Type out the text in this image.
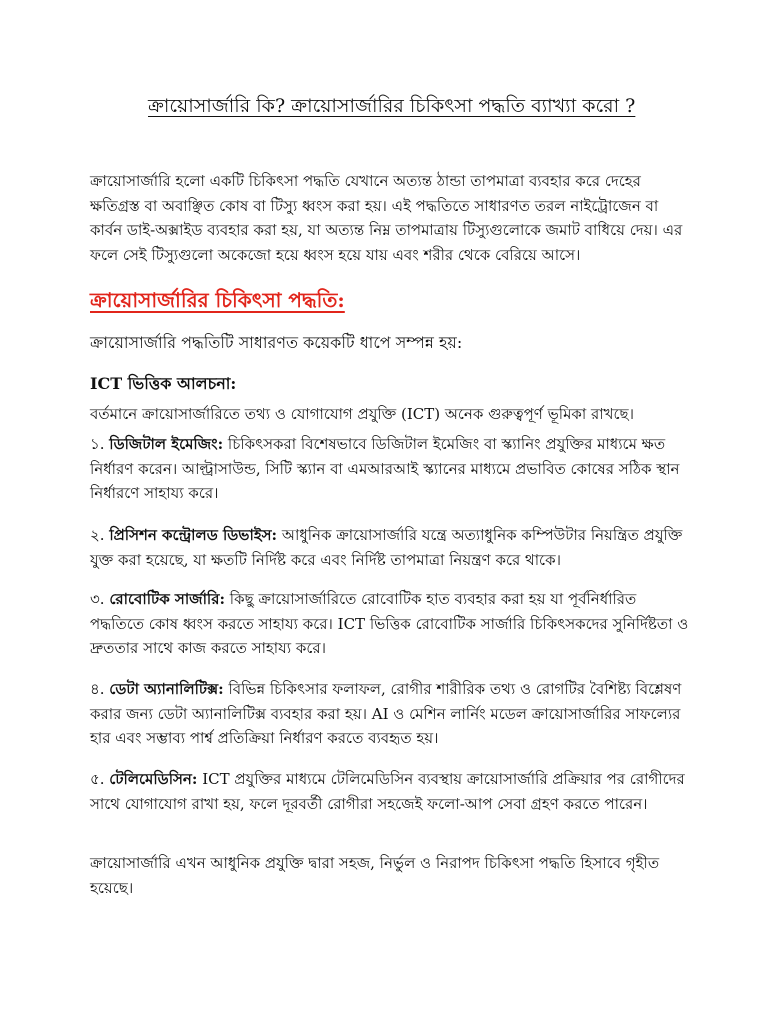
ক্রায়োসার্জারি কি? ক্রায়োসার্জারির চিকিৎসা পদ্ধতি ব্যাখ্যা করো ?

ক্রায়োসার্জারি হলো একটি চিকিৎসা পদ্ধতি যেখানে অত্যন্ত ঠান্ডা তাপমাত্রা ব্যবহার করে দেহের ক্ষতিগ্রস্ত বা অবাঞ্ছিত কোষ বা টিস্যু ধ্বংস করা হয়। এই পদ্ধতিতে সাধারণত তরল নাইট্রোজেন বা কার্বন ডাই-অক্সাইড ব্যবহার করা হয়, যা অত্যন্ত নিম্ন তাপমাত্রায় টিস্যুগুলোকে জমাট বাধিয়ে দেয়। এর ফলে সেই টিস্যুগুলো অকেজো হয়ে ধ্বংস হয়ে যায় এবং শরীর থেকে বেরিয়ে আসে।

ক্রায়োসার্জারির চিকিৎসা পদ্ধতি:
ক্রায়োসার্জারি পদ্ধতিটি সাধারণত কয়েকটি ধাপে সম্পন্ন হয়:
ICT ভিত্তিক আলচনা:
বর্তমানে ক্রায়োসার্জারিতে তথ্য ও যোগাযোগ প্রযুক্তি (ICT) অনেক গুরুত্বপূর্ণ ভূমিকা রাখছে।
১. ডিজিটাল ইমেজিং: চিকিৎসকরা বিশেষভাবে ডিজিটাল ইমেজিং বা স্ক্যানিং প্রযুক্তির মাধ্যমে ক্ষত নির্ধারণ করেন। আল্ট্রাসাউন্ড, সিটি স্ক্যান বা এমআরআই স্ক্যানের মাধ্যমে প্রভাবিত কোষের সঠিক স্থান নির্ধারণে সাহায্য করে।
২. প্রিসিশন কন্ট্রোলড ডিভাইস: আধুনিক ক্রায়োসার্জারি যন্ত্রে অত্যাধুনিক কম্পিউটার নিয়ন্ত্রিত প্রযুক্তি যুক্ত করা হয়েছে, যা ক্ষতটি নির্দিষ্ট করে এবং নির্দিষ্ট তাপমাত্রা নিয়ন্ত্রণ করে থাকে।
৩. রোবোটিক সার্জারি: কিছু ক্রায়োসার্জারিতে রোবোটিক হাত ব্যবহার করা হয় যা পূর্বনির্ধারিত পদ্ধতিতে কোষ ধ্বংস করতে সাহায্য করে। ICT ভিত্তিক রোবোটিক সার্জারি চিকিৎসকদের সুনির্দিষ্টতা ও দ্রুততার সাথে কাজ করতে সাহায্য করে।
৪. ডেটা অ্যানালিটিক্স: বিভিন্ন চিকিৎসার ফলাফল, রোগীর শারীরিক তথ্য ও রোগটির বৈশিষ্ট্য বিশ্লেষণ করার জন্য ডেটা অ্যানালিটিক্স ব্যবহার করা হয়। AI ও মেশিন লার্নিং মডেল ক্রায়োসার্জারির সাফল্যের হার এবং সম্ভাব্য পার্শ্ব প্রতিক্রিয়া নির্ধারণ করতে ব্যবহৃত হয়।
৫. টেলিমেডিসিন: ICT প্রযুক্তির মাধ্যমে টেলিমেডিসিন ব্যবস্থায় ক্রায়োসার্জারি প্রক্রিয়ার পর রোগীদের সাথে যোগাযোগ রাখা হয়, ফলে দূরবর্তী রোগীরা সহজেই ফলো-আপ সেবা গ্রহণ করতে পারেন।
ক্রায়োসার্জারি এখন আধুনিক প্রযুক্তি দ্বারা সহজ, নির্ভুল ও নিরাপদ চিকিৎসা পদ্ধতি হিসাবে গৃহীত হয়েছে।
